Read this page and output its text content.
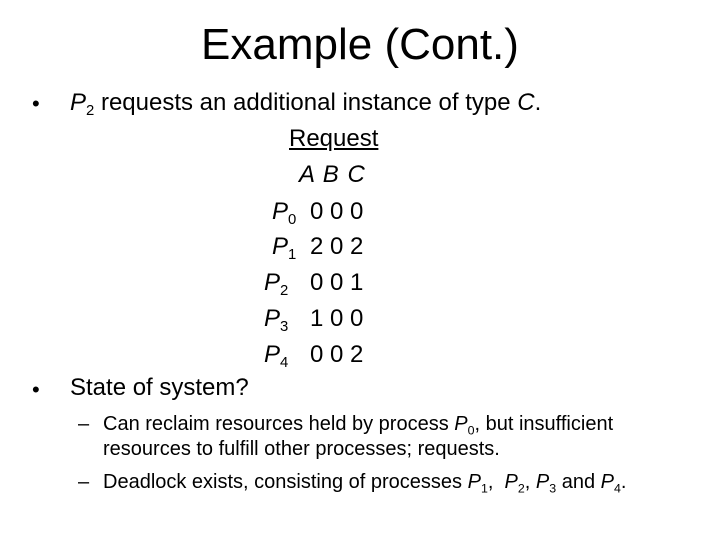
Example (Cont.)
• $P_2$ requests an additional instance of type C.
Request
A B C
$P_0$ 0 0 0
$P_1$ 2 0 2
$P_2$ 0 0 1
$P_3$ 1 0 0
$P_4$ 0 0 2
• State of system?
– Can reclaim resources held by process $P_0$, but insufficient
resources to fulfill other processes; requests.
– Deadlock exists, consisting of processes $P_1$,  $P_2$, $P_3$ and $P_4$.
